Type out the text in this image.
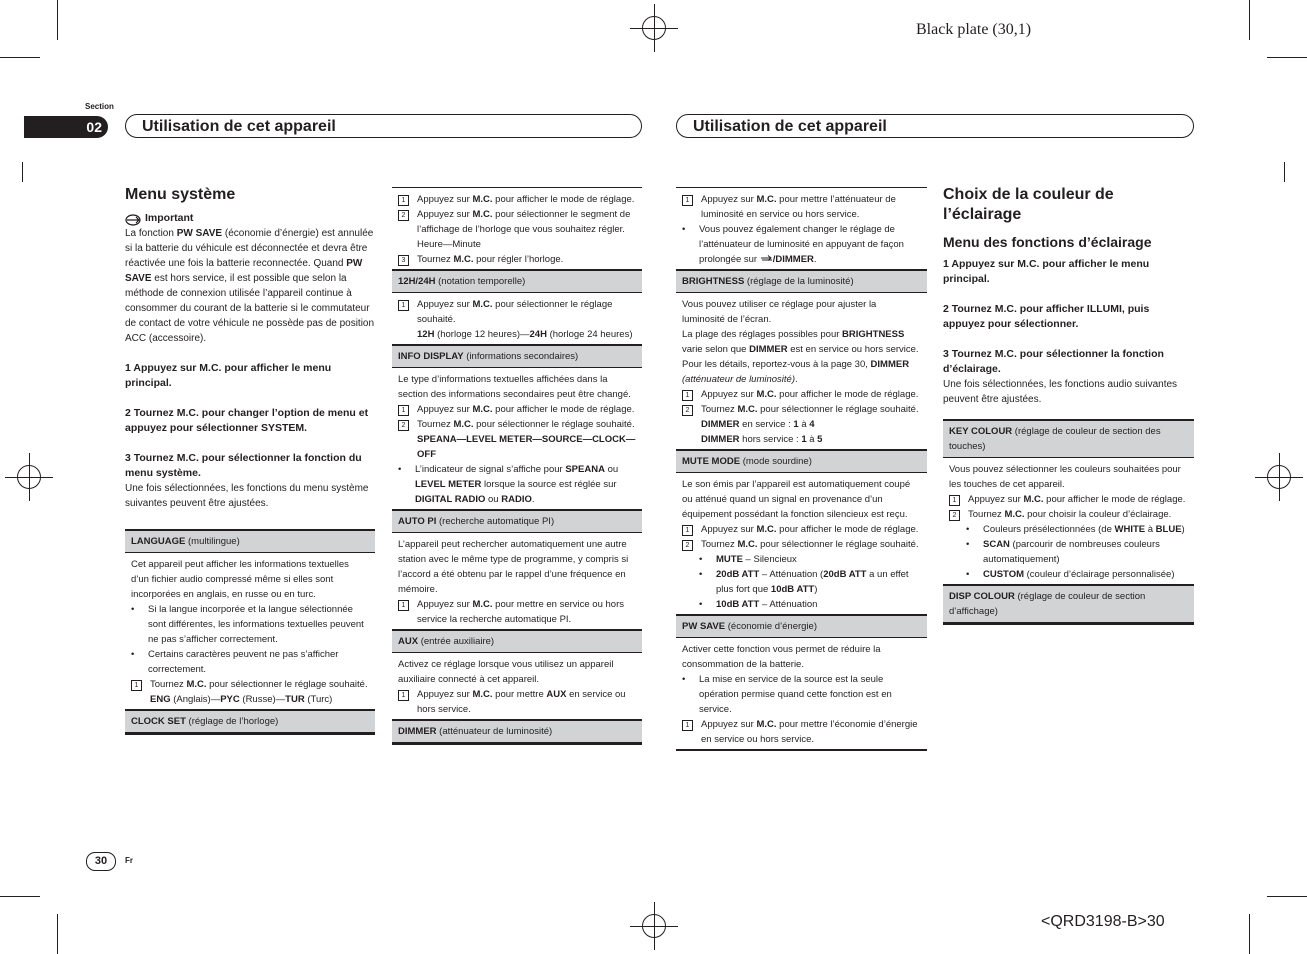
Black plate (30,1)
<QRD3198-B>30
Section
02	Utilisation de cet appareil	Utilisation de cet appareil
30	Fr

Menu système

Important

La fonction PW SAVE (économie d’énergie) est annulée si la batterie du véhicule est déconnectée et devra être réactivée une fois la batterie reconnectée. Quand PW SAVE est hors service, il est possible que selon la méthode de connexion utilisée l’appareil continue à consommer du courant de la batterie si le commutateur de contact de votre véhicule ne possède pas de position ACC (accessoire).

1 Appuyez sur M.C. pour afficher le menu principal.

2 Tournez M.C. pour changer l’option de menu et appuyez pour sélectionner SYSTEM.

3 Tournez M.C. pour sélectionner la fonction du menu système.

Une fois sélectionnées, les fonctions du menu système suivantes peuvent être ajustées.

LANGUAGE (multilingue)

Cet appareil peut afficher les informations textuelles d’un fichier audio compressé même si elles sont incorporées en anglais, en russe ou en turc.

•	Si la langue incorporée et la langue sélectionnée sont différentes, les informations textuelles peuvent ne pas s’afficher correctement.
•	Certains caractères peuvent ne pas s’afficher correctement.
1	Tournez M.C. pour sélectionner le réglage souhaité.
ENG (Anglais)—PYC (Russe)—TUR (Turc)

CLOCK SET (réglage de l’horloge)

1	Appuyez sur M.C. pour afficher le mode de réglage.
2	Appuyez sur M.C. pour sélectionner le segment de l’affichage de l’horloge que vous souhaitez régler.
Heure—Minute
3	Tournez M.C. pour régler l’horloge.

12H/24H (notation temporelle)

1	Appuyez sur M.C. pour sélectionner le réglage souhaité.
12H (horloge 12 heures)—24H (horloge 24 heures)

INFO DISPLAY (informations secondaires)

Le type d’informations textuelles affichées dans la section des informations secondaires peut être changé.

1	Appuyez sur M.C. pour afficher le mode de réglage.
2	Tournez M.C. pour sélectionner le réglage souhaité.
SPEANA—LEVEL METER—SOURCE—CLOCK—OFF
•	L’indicateur de signal s’affiche pour SPEANA ou LEVEL METER lorsque la source est réglée sur DIGITAL RADIO ou RADIO.

AUTO PI (recherche automatique PI)

L’appareil peut rechercher automatiquement une autre station avec le même type de programme, y compris si l’accord a été obtenu par le rappel d’une fréquence en mémoire.

1	Appuyez sur M.C. pour mettre en service ou hors service la recherche automatique PI.

AUX (entrée auxiliaire)

Activez ce réglage lorsque vous utilisez un appareil auxiliaire connecté à cet appareil.

1	Appuyez sur M.C. pour mettre AUX en service ou hors service.

DIMMER (atténuateur de luminosité)

1	Appuyez sur M.C. pour mettre l’atténuateur de luminosité en service ou hors service.
•	Vous pouvez également changer le réglage de l’atténuateur de luminosité en appuyant de façon prolongée sur /DIMMER.

BRIGHTNESS (réglage de la luminosité)

Vous pouvez utiliser ce réglage pour ajuster la luminosité de l’écran.

La plage des réglages possibles pour BRIGHTNESS varie selon que DIMMER est en service ou hors service. Pour les détails, reportez-vous à la page 30, DIMMER (atténuateur de luminosité).

1	Appuyez sur M.C. pour afficher le mode de réglage.
2	Tournez M.C. pour sélectionner le réglage souhaité.
DIMMER en service : 1 à 4
DIMMER hors service : 1 à 5

MUTE MODE (mode sourdine)

Le son émis par l’appareil est automatiquement coupé ou atténué quand un signal en provenance d’un équipement possédant la fonction silencieux est reçu.

1	Appuyez sur M.C. pour afficher le mode de réglage.
2	Tournez M.C. pour sélectionner le réglage souhaité.
•	MUTE – Silencieux
•	20dB ATT – Atténuation (20dB ATT a un effet plus fort que 10dB ATT)
•	10dB ATT – Atténuation

PW SAVE (économie d’énergie)

Activer cette fonction vous permet de réduire la consommation de la batterie.

•	La mise en service de la source est la seule opération permise quand cette fonction est en service.
1	Appuyez sur M.C. pour mettre l’économie d’énergie en service ou hors service.

Choix de la couleur de l’éclairage

Menu des fonctions d’éclairage

1 Appuyez sur M.C. pour afficher le menu principal.

2 Tournez M.C. pour afficher ILLUMI, puis appuyez pour sélectionner.

3 Tournez M.C. pour sélectionner la fonction d’éclairage.

Une fois sélectionnées, les fonctions audio suivantes peuvent être ajustées.

KEY COLOUR (réglage de couleur de section des touches)

Vous pouvez sélectionner les couleurs souhaitées pour les touches de cet appareil.

1	Appuyez sur M.C. pour afficher le mode de réglage.
2	Tournez M.C. pour choisir la couleur d’éclairage.
•	Couleurs présélectionnées (de WHITE à BLUE)
•	SCAN (parcourir de nombreuses couleurs automatiquement)
•	CUSTOM (couleur d’éclairage personnalisée)

DISP COLOUR (réglage de couleur de section d’affichage)
